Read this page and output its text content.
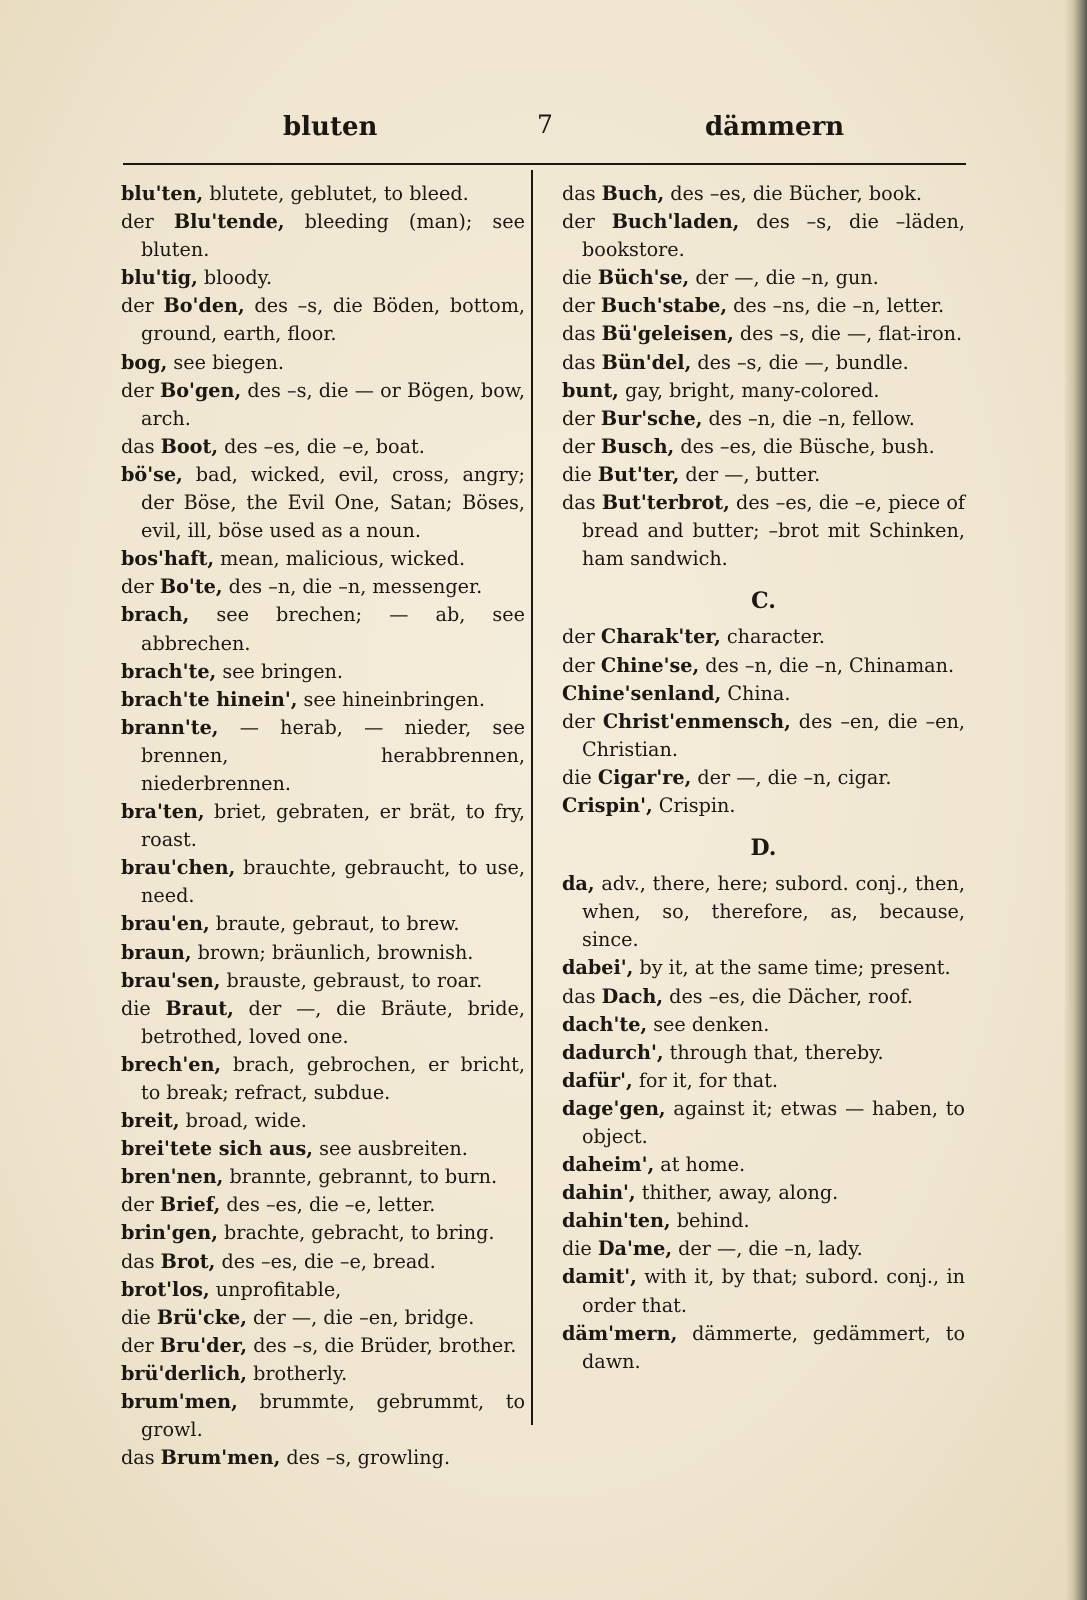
bluten	7	dämmern
blu'ten, blutete, geblutet, to bleed.
der Blu'tende, bleeding (man); see bluten.
blu'tig, bloody.
der Bo'den, des –s, die Böden, bottom, ground, earth, floor.
bog, see biegen.
der Bo'gen, des –s, die — or Bögen, bow, arch.
das Boot, des –es, die –e, boat.
bö'se, bad, wicked, evil, cross, angry; der Böse, the Evil One, Satan; Böses, evil, ill, böse used as a noun.
bos'haft, mean, malicious, wicked.
der Bo'te, des –n, die –n, messenger.
brach, see brechen; — ab, see abbrechen.
brach'te, see bringen.
brach'te hinein', see hineinbringen.
brann'te, — herab, — nieder, see brennen, herabbrennen, niederbrennen.
bra'ten, briet, gebraten, er brät, to fry, roast.
brau'chen, brauchte, gebraucht, to use, need.
brau'en, braute, gebraut, to brew.
braun, brown; bräunlich, brownish.
brau'sen, brauste, gebraust, to roar.
die Braut, der —, die Bräute, bride, betrothed, loved one.
brech'en, brach, gebrochen, er bricht, to break; refract, subdue.
breit, broad, wide.
brei'tete sich aus, see ausbreiten.
bren'nen, brannte, gebrannt, to burn.
der Brief, des –es, die –e, letter.
brin'gen, brachte, gebracht, to bring.
das Brot, des –es, die –e, bread.
brot'los, unprofitable,
die Brü'cke, der —, die –en, bridge.
der Bru'der, des –s, die Brüder, brother.
brü'derlich, brotherly.
brum'men, brummte, gebrummt, to growl.
das Brum'men, des –s, growling.
das Buch, des –es, die Bücher, book.
der Buch'laden, des –s, die –läden, bookstore.
die Büch'se, der —, die –n, gun.
der Buch'stabe, des –ns, die –n, letter.
das Bü'geleisen, des –s, die —, flat-iron.
das Bün'del, des –s, die —, bundle.
bunt, gay, bright, many-colored.
der Bur'sche, des –n, die –n, fellow.
der Busch, des –es, die Büsche, bush.
die But'ter, der —, butter.
das But'terbrot, des –es, die –e, piece of bread and butter; –brot mit Schinken, ham sandwich.
C.
der Charak'ter, character.
der Chine'se, des –n, die –n, Chinaman.
Chine'senland, China.
der Christ'enmensch, des –en, die –en, Christian.
die Cigar're, der —, die –n, cigar.
Crispin', Crispin.
D.
da, adv., there, here; subord. conj., then, when, so, therefore, as, because, since.
dabei', by it, at the same time; present.
das Dach, des –es, die Dächer, roof.
dach'te, see denken.
dadurch', through that, thereby.
dafür', for it, for that.
dage'gen, against it; etwas — haben, to object.
daheim', at home.
dahin', thither, away, along.
dahin'ten, behind.
die Da'me, der —, die –n, lady.
damit', with it, by that; subord. conj., in order that.
däm'mern, dämmerte, gedämmert, to dawn.
